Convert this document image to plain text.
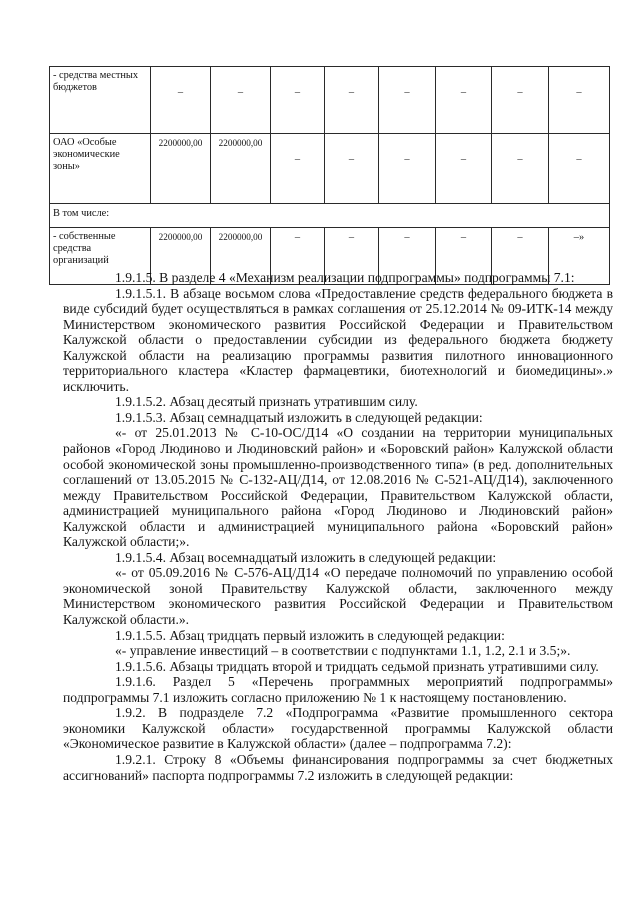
- средства местных бюджетов	–	–	–	–	–	–	–	–
ОАО «Особые экономические зоны»	2200000,00	2200000,00	–	–	–	–	–	–
В том числе:								
- собственные средства организаций	2200000,00	2200000,00	–	–	–	–	–	–»

1.9.1.5. В разделе 4 «Механизм реализации подпрограммы» подпрограммы 7.1:

1.9.1.5.1. В абзаце восьмом слова «Предоставление средств федерального бюджета в виде субсидий будет осуществляться в рамках соглашения от 25.12.2014 № 09-ИТК-14 между Министерством экономического развития Российской Федерации и Правительством Калужской области о предоставлении субсидии из федерального бюджета бюджету Калужской области на реализацию программы развития пилотного инновационного территориального кластера «Кластер фармацевтики, биотехнологий и биомедицины».» исключить.

1.9.1.5.2. Абзац десятый признать утратившим силу.

1.9.1.5.3. Абзац семнадцатый изложить в следующей редакции:

«- от 25.01.2013 № С-10-ОС/Д14 «О создании на территории муниципальных районов «Город Людиново и Людиновский район» и «Боровский район» Калужской области особой экономической зоны промышленно-производственного типа» (в ред. дополнительных соглашений от 13.05.2015 № С-132-АЦ/Д14, от 12.08.2016 № С-521-АЦ/Д14), заключенного между Правительством Российской Федерации, Правительством Калужской области, администрацией муниципального района «Город Людиново и Людиновский район» Калужской области и администрацией муниципального района «Боровский район» Калужской области;».

1.9.1.5.4. Абзац восемнадцатый изложить в следующей редакции:

«- от 05.09.2016 № С-576-АЦ/Д14 «О передаче полномочий по управлению особой экономической зоной Правительству Калужской области, заключенного между Министерством экономического развития Российской Федерации и Правительством Калужской области.».

1.9.1.5.5. Абзац тридцать первый изложить в следующей редакции:

«- управление инвестиций – в соответствии с подпунктами 1.1, 1.2, 2.1 и 3.5;».

1.9.1.5.6. Абзацы тридцать второй и тридцать седьмой признать утратившими силу.

1.9.1.6. Раздел 5 «Перечень программных мероприятий подпрограммы» подпрограммы 7.1 изложить согласно приложению № 1 к настоящему постановлению.

1.9.2. В подразделе 7.2 «Подпрограмма «Развитие промышленного сектора экономики Калужской области» государственной программы Калужской области «Экономическое развитие в Калужской области» (далее – подпрограмма 7.2):

1.9.2.1. Строку 8 «Объемы финансирования подпрограммы за счет бюджетных ассигнований» паспорта подпрограммы 7.2 изложить в следующей редакции:
